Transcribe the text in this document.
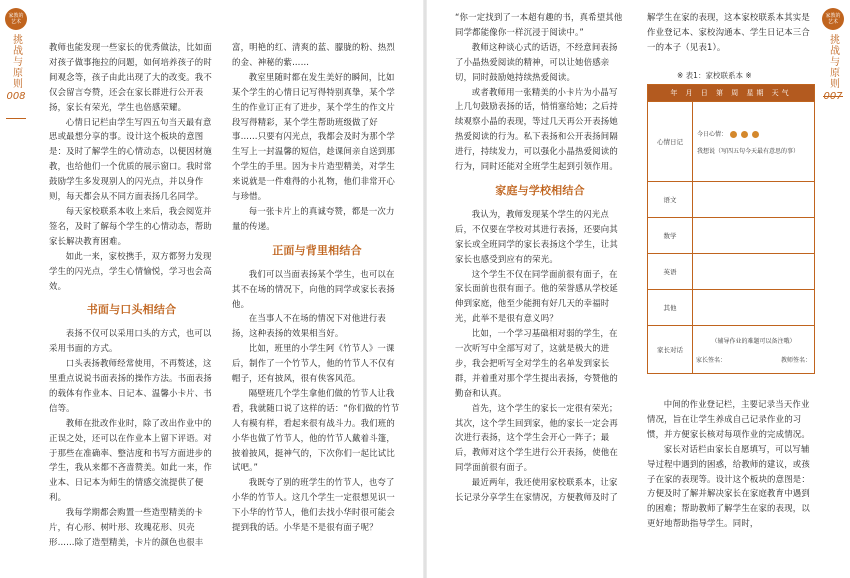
家教的
艺术
挑战与原则
008

教师也能发现一些家长的优秀做法，比如面对孩子做事拖拉的问题，如何培养孩子的时间观念等，孩子由此出现了大的改变。我不仅会留言夸赞，还会在家长群进行公开表扬，家长有荣光，学生也倍感荣耀。

心情日记栏由学生写四五句当天最有意思或最想分享的事。设计这个板块的意图是：及时了解学生的心情动态，以便因材施教，也给他们一个优质的展示窗口。我时常鼓励学生多发现别人的闪光点，并以身作则，每天都会从不同方面表扬几名同学。

每天家校联系本收上来后，我会阅览并签名，及时了解每个学生的心情动态，帮助家长解决教育困难。

如此一来，家校携手，双方都努力发现学生的闪光点，学生心情愉悦，学习也会高效。

书面与口头相结合

表扬不仅可以采用口头的方式，也可以采用书面的方式。

口头表扬教师经常使用，不再赘述，这里重点说说书面表扬的操作方法。书面表扬的载体有作业本、日记本、温馨小卡片、书信等。

教师在批改作业时，除了改出作业中的正误之处，还可以在作业本上留下评语。对于那些在准确率、整洁度和书写方面进步的学生，我从来都不吝啬赞美。如此一来，作业本、日记本为师生的情感交流提供了便利。

我每学期都会购置一些造型精美的卡片，有心形、树叶形、玫瑰花形、贝壳形……除了造型精美，卡片的颜色也很丰

富，明艳的红、清爽的蓝、朦胧的粉、热烈的金、神秘的紫……

教室里随时都在发生美好的瞬间，比如某个学生的心情日记写得特别真挚，某个学生的作业订正有了进步，某个学生的作文片段写得精彩，某个学生帮助班级做了好事……只要有闪光点，我都会及时为那个学生写上一封温馨的短信，趁课间亲自送到那个学生的手里。因为卡片造型精美，对学生来说就是一件难得的小礼物，他们非常开心与珍惜。

每一张卡片上的真诚夸赞，都是一次力量的传递。

正面与背里相结合

我们可以当面表扬某个学生，也可以在其不在场的情况下，向他的同学或家长表扬他。

在当事人不在场的情况下对他进行表扬，这种表扬的效果相当好。

比如，班里的小学生阿《竹节人》一课后，制作了一个竹节人，他的竹节人不仅有帽子，还有披风，很有侠客风范。

隔壁班几个学生拿他们做的竹节人让我看，我就随口说了这样的话：“你们做的竹节人有模有样，看起来很有战斗力。我们班的小华也做了竹节人，他的竹节人戴着斗篷，披着披风，挺神气的，下次你们一起比试比试吧。”

我既夸了别的班学生的竹节人，也夸了小华的竹节人。这几个学生一定很想见识一下小华的竹节人，他们去找小华时很可能会提到我的话。小华是不是很有面子呢？

“你一定找到了一本超有趣的书，真希望其他同学都能像你一样沉浸于阅读中。”

教师这种谈心式的话语，不经意间表扬了小晶热爱阅读的精神，可以让她倍感亲切，同时鼓励她持续热爱阅读。

或者教师用一张精美的小卡片为小晶写上几句鼓励表扬的话，悄悄塞给她；之后持续观察小晶的表现，等过几天再公开表扬她热爱阅读的行为。私下表扬和公开表扬间隔进行，持续发力，可以强化小晶热爱阅读的行为，同时还能对全班学生起到引领作用。

家庭与学校相结合

我认为，教师发现某个学生的闪光点后，不仅要在学校对其进行表扬，还要向其家长或全班同学的家长表扬这个学生，让其家长也感受到应有的荣光。

这个学生不仅在同学面前很有面子，在家长面前也很有面子。他的荣誉感从学校延伸到家庭，他至少能拥有好几天的幸福时光，此举不是很有意义吗？

比如，一个学习基础相对弱的学生，在一次听写中全部写对了，这就是极大的进步，我会把听写全对学生的名单发到家长群，并着重对那个学生提出表扬，夸赞他的勤奋和认真。

首先，这个学生的家长一定很有荣光；其次，这个学生回到家，他的家长一定会再次进行表扬，这个学生会开心一阵子；最后，教师对这个学生进行公开表扬，使他在同学面前很有面子。

最近两年，我还使用家校联系本，让家长记录分享学生在家情况，方便教师及时了

解学生在家的表现，这本家校联系本其实是作业登记本、家校沟通本、学生日记本三合一的本子（见表1）。

※ 表1：家校联系本 ※
年 月 日 第 周 星期 天气	
心情日记	今日心情：
我想说（写四五句今天最有意思的事）

语文	
数学	
英语	
其他	
家长对话	（辅导作业的难题可以备注哦）
家长签名： 教师签名：

中间的作业登记栏，主要记录当天作业情况，旨在让学生养成自己记录作业的习惯，并方便家长核对每项作业的完成情况。

家长对话栏由家长自愿填写，可以写辅导过程中遇到的困惑，给教师的建议，或孩子在家的表现等。设计这个板块的意图是：方便及时了解并解决家长在家庭教育中遇到的困难；帮助教师了解学生在家的表现，以更好地帮助指导学生。同时，

家教的
艺术
挑战与原则
007
